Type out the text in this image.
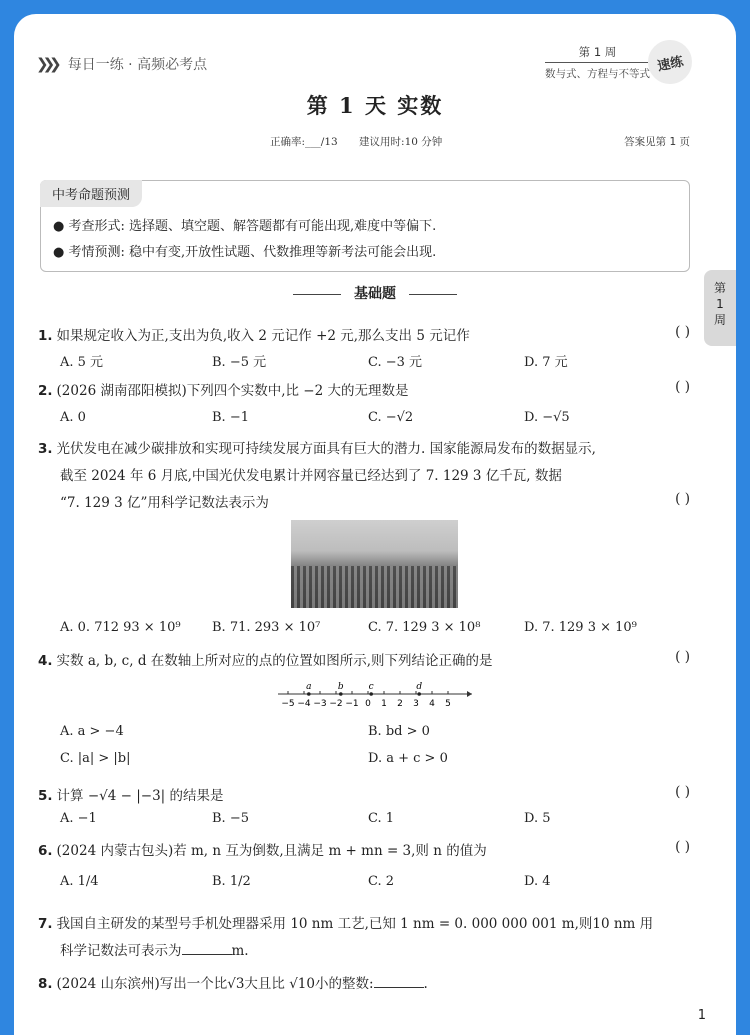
❯❯❯ 每日一练 · 高频必考点
第 1 周
数与式、方程与不等式
速练
第 1 天 实数
正确率:___/13 建议用时:10 分钟	答案见第 1 页
中考命题预测
● 考查形式: 选择题、填空题、解答题都有可能出现,难度中等偏下.
● 考情预测: 稳中有变,开放性试题、代数推理等新考法可能会出现.
基础题	第
1
周
1. 如果规定收入为正,支出为负,收入 2 元记作 +2 元,那么支出 5 元记作	( )
A. 5 元	B. −5 元	C. −3 元	D. 7 元
2. (2026 湖南邵阳模拟)下列四个实数中,比 −2 大的无理数是	( )
A. 0	B. −1	C. −√2	D. −√5
3. 光伏发电在减少碳排放和实现可持续发展方面具有巨大的潜力. 国家能源局发布的数据显示,
截至 2024 年 6 月底,中国光伏发电累计并网容量已经达到了 7. 129 3 亿千瓦, 数据
“7. 129 3 亿”用科学记数法表示为	( )
A. 0. 712 93 × 10⁹ B. 71. 293 × 10⁷	C. 7. 129 3 × 10⁸	D. 7. 129 3 × 10⁹
4. 实数 a, b, c, d 在数轴上所对应的点的位置如图所示,则下列结论正确的是	( )
−5 −4 −3 −2 −1 0 1 2 3 4 5
a	b	c	d
A. a > −4	B. bd > 0
C. |a| > |b|	D. a + c > 0
5. 计算 −√4 − |−3| 的结果是	( )
A. −1	B. −5	C. 1	D. 5
6. (2024 内蒙古包头)若 m, n 互为倒数,且满足 m + mn = 3,则 n 的值为	( )
A. 1/4	B. 1/2	C. 2	D. 4
7. 我国自主研发的某型号手机处理器采用 10 nm 工艺,已知 1 nm = 0. 000 000 001 m,则10 nm 用
科学记数法可表示为	m.
8. (2024 山东滨州)写出一个比√3大且比 √10小的整数:	.
1
